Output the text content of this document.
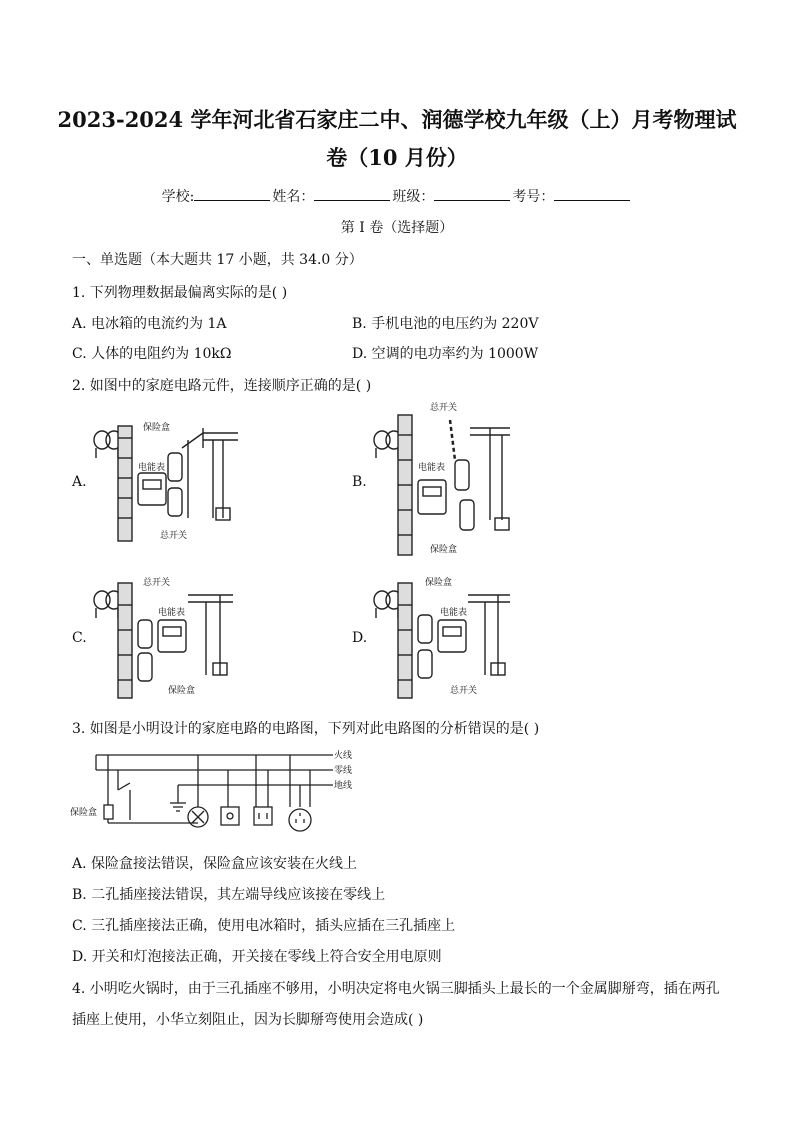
2023-2024 学年河北省石家庄二中、润德学校九年级（上）月考物理试
卷（10 月份）
学校:	姓名：	班级：	考号：
第 I 卷（选择题）
一、单选题（本大题共 17 小题，共 34.0 分）
1. 下列物理数据最偏离实际的是( )
A. 电冰箱的电流约为 1A	B. 手机电池的电压约为 220V
C. 人体的电阻约为 10kΩ	D. 空调的电功率约为 1000W
2. 如图中的家庭电路元件，连接顺序正确的是( )
A.	B.
C.	D.
保险盒
电能表
总开关
总开关
电能表
保险盒
总开关
电能表
保险盒
保险盒
电能表
总开关
3. 如图是小明设计的家庭电路的电路图，下列对此电路图的分析错误的是( )
火线
零线
地线
保险盒
A. 保险盒接法错误，保险盒应该安装在火线上
B. 二孔插座接法错误，其左端导线应该接在零线上
C. 三孔插座接法正确，使用电冰箱时，插头应插在三孔插座上
D. 开关和灯泡接法正确，开关接在零线上符合安全用电原则
4. 小明吃火锅时，由于三孔插座不够用，小明决定将电火锅三脚插头上最长的一个金属脚掰弯，插在两孔
插座上使用，小华立刻阻止，因为长脚掰弯使用会造成( )
